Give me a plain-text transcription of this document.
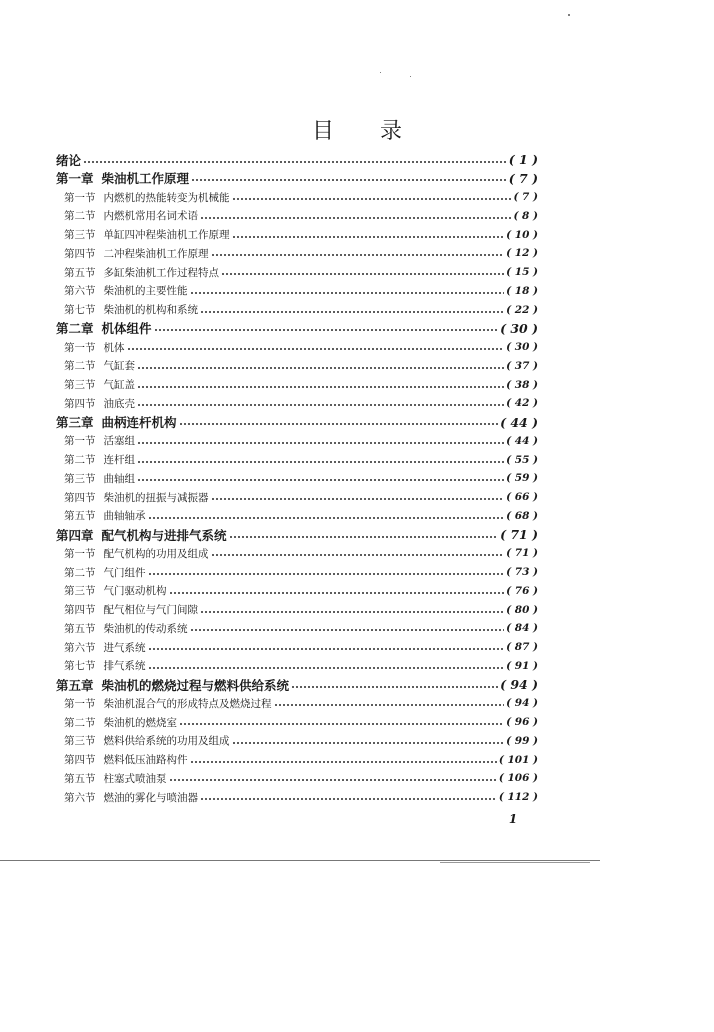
目 录
绪论	( 1 )
第一章 柴油机工作原理	( 7 )
第一节 内燃机的热能转变为机械能	( 7 )
第二节 内燃机常用名词术语	( 8 )
第三节 单缸四冲程柴油机工作原理	( 10 )
第四节 二冲程柴油机工作原理	( 12 )
第五节 多缸柴油机工作过程特点	( 15 )
第六节 柴油机的主要性能	( 18 )
第七节 柴油机的机构和系统	( 22 )
第二章 机体组件	( 30 )
第一节 机体	( 30 )
第二节 气缸套	( 37 )
第三节 气缸盖	( 38 )
第四节 油底壳	( 42 )
第三章 曲柄连杆机构	( 44 )
第一节 活塞组	( 44 )
第二节 连杆组	( 55 )
第三节 曲轴组	( 59 )
第四节 柴油机的扭振与减振器	( 66 )
第五节 曲轴轴承	( 68 )
第四章 配气机构与进排气系统	( 71 )
第一节 配气机构的功用及组成	( 71 )
第二节 气门组件	( 73 )
第三节 气门驱动机构	( 76 )
第四节 配气相位与气门间隙	( 80 )
第五节 柴油机的传动系统	( 84 )
第六节 进气系统	( 87 )
第七节 排气系统	( 91 )
第五章 柴油机的燃烧过程与燃料供给系统	( 94 )
第一节 柴油机混合气的形成特点及燃烧过程	( 94 )
第二节 柴油机的燃烧室	( 96 )
第三节 燃料供给系统的功用及组成	( 99 )
第四节 燃料低压油路构件	( 101 )
第五节 柱塞式喷油泵	( 106 )
第六节 燃油的雾化与喷油器	( 112 )
1
